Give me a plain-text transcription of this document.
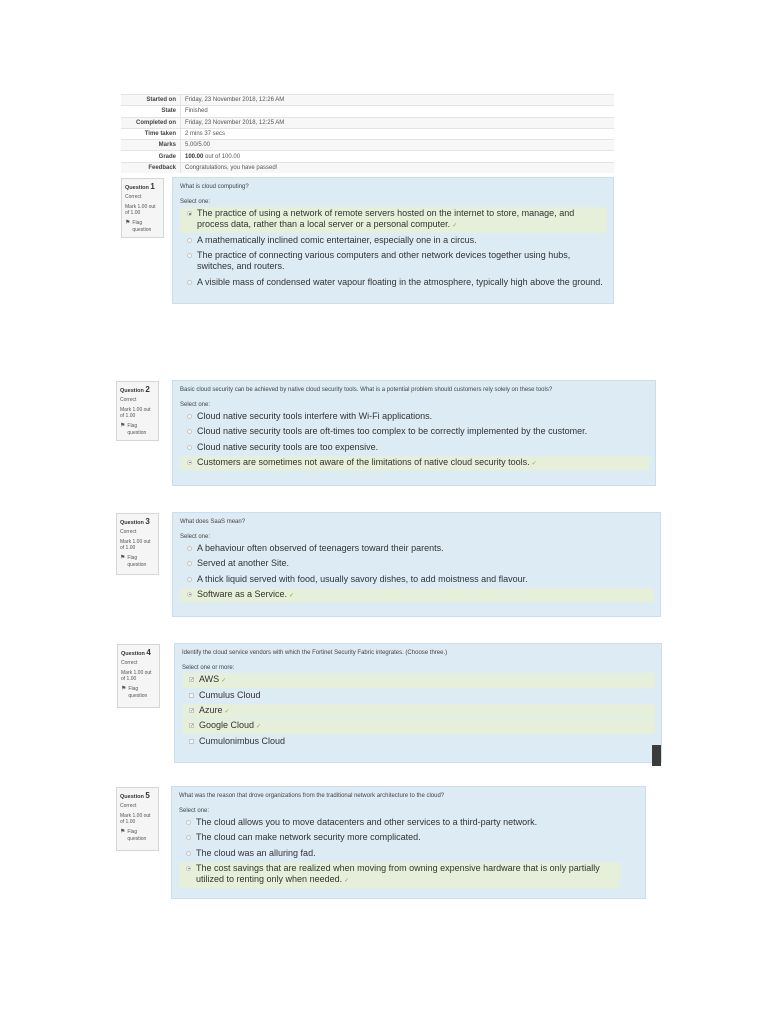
Started on	Friday, 23 November 2018, 12:26 AM
State	Finished
Completed on	Friday, 23 November 2018, 12:25 AM
Time taken	2 mins 37 secs
Marks	5.00/5.00
Grade	100.00 out of 100.00
Feedback	Congratulations, you have passed!
Question 1
Correct
Mark 1.00 out of 1.00
⚑ Flag question
What is cloud computing?
Select one:
The practice of using a network of remote servers hosted on the internet to store, manage, and process data, rather than a local server or a personal computer. ✓
A mathematically inclined comic entertainer, especially one in a circus.
The practice of connecting various computers and other network devices together using hubs, switches, and routers.
A visible mass of condensed water vapour floating in the atmosphere, typically high above the ground.
Question 2
Correct
Mark 1.00 out of 1.00
⚑ Flag question
Basic cloud security can be achieved by native cloud security tools. What is a potential problem should customers rely solely on these tools?
Select one:
Cloud native security tools interfere with Wi-Fi applications.
Cloud native security tools are oft-times too complex to be correctly implemented by the customer.
Cloud native security tools are too expensive.
Customers are sometimes not aware of the limitations of native cloud security tools. ✓
Question 3
Correct
Mark 1.00 out of 1.00
⚑ Flag question
What does SaaS mean?
Select one:
A behaviour often observed of teenagers toward their parents.
Served at another Site.
A thick liquid served with food, usually savory dishes, to add moistness and flavour.
Software as a Service. ✓
Question 4
Correct
Mark 1.00 out of 1.00
⚑ Flag question
Identify the cloud service vendors with which the Fortinet Security Fabric integrates. (Choose three.)
Select one or more:
✓ AWS ✓
Cumulus Cloud
✓ Azure ✓
✓ Google Cloud ✓
Cumulonimbus Cloud
Question 5
Correct
Mark 1.00 out of 1.00
⚑ Flag question
What was the reason that drove organizations from the traditional network architecture to the cloud?
Select one:
The cloud allows you to move datacenters and other services to a third-party network.
The cloud can make network security more complicated.
The cloud was an alluring fad.
The cost savings that are realized when moving from owning expensive hardware that is only partially utilized to renting only when needed. ✓
